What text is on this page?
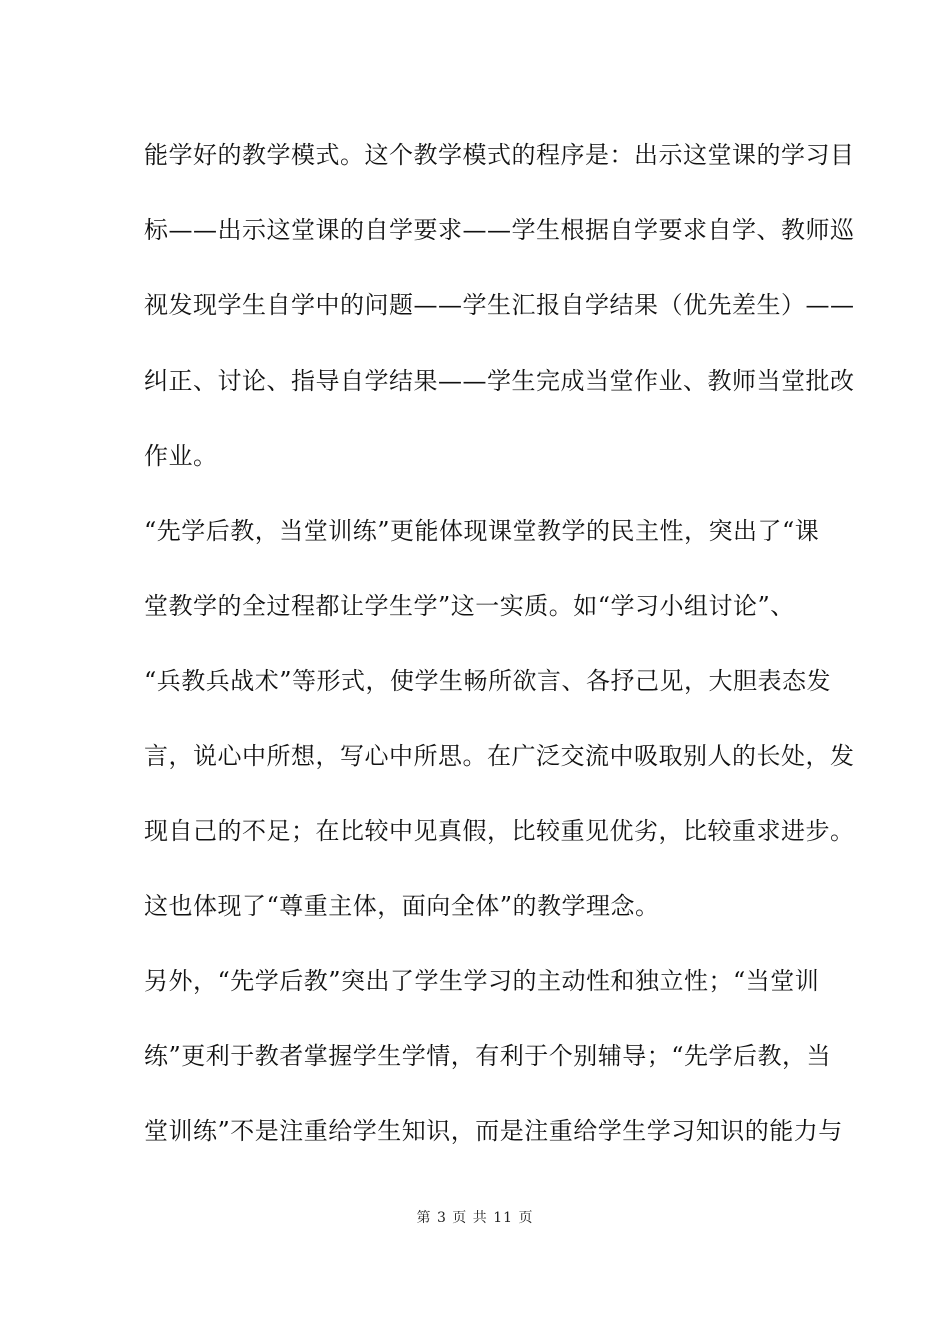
能学好的教学模式。这个教学模式的程序是：出示这堂课的学习目
标——出示这堂课的自学要求——学生根据自学要求自学、教师巡
视发现学生自学中的问题——学生汇报自学结果（优先差生）——
纠正、讨论、指导自学结果——学生完成当堂作业、教师当堂批改
作业。
“先学后教，当堂训练”更能体现课堂教学的民主性，突出了“课
堂教学的全过程都让学生学”这一实质。如“学习小组讨论”、
“兵教兵战术”等形式，使学生畅所欲言、各抒己见，大胆表态发
言，说心中所想，写心中所思。在广泛交流中吸取别人的长处，发
现自己的不足；在比较中见真假，比较重见优劣，比较重求进步。
这也体现了“尊重主体，面向全体”的教学理念。
另外，“先学后教”突出了学生学习的主动性和独立性；“当堂训
练”更利于教者掌握学生学情，有利于个别辅导；“先学后教，当
堂训练”不是注重给学生知识，而是注重给学生学习知识的能力与
第 3 页 共 11 页
